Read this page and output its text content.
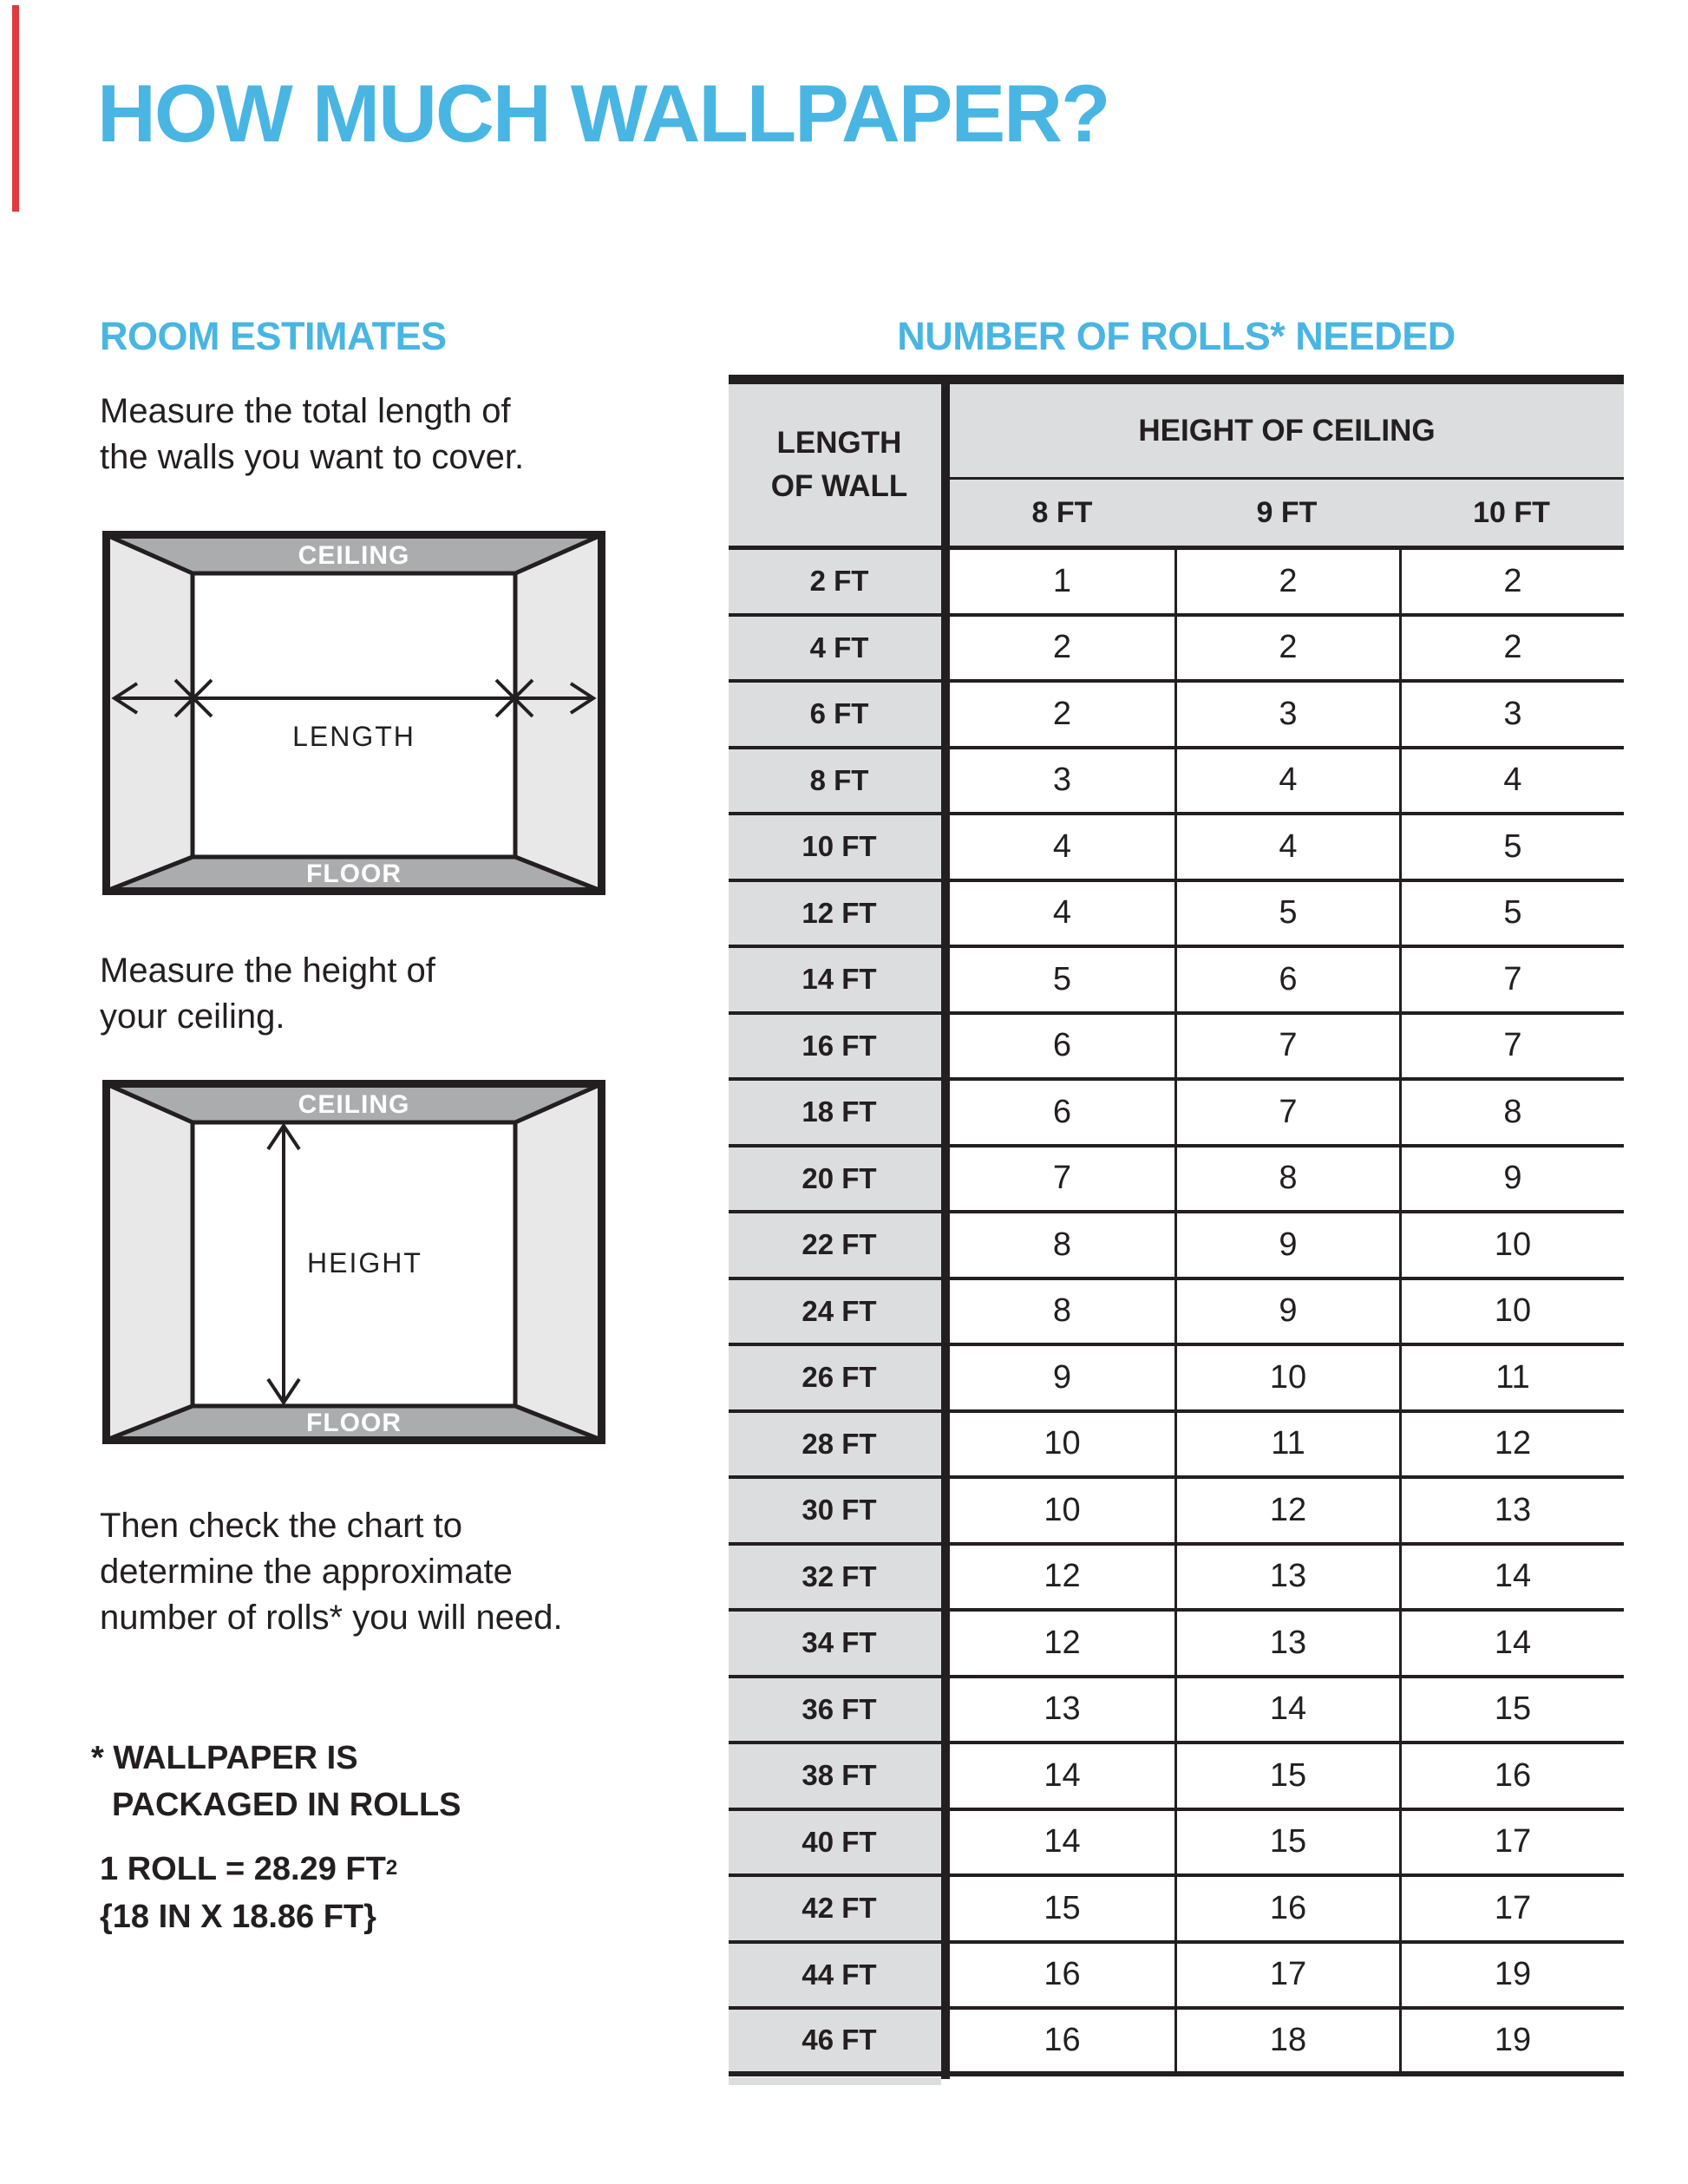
HOW MUCH WALLPAPER?
ROOM ESTIMATES
Measure the total length of
the walls you want to cover.
CEILING
FLOOR
LENGTH
Measure the height of
your ceiling.
CEILING
FLOOR
HEIGHT
Then check the chart to
determine the approximate
number of rolls* you will need.
* WALLPAPER IS
PACKAGED IN ROLLS
1 ROLL = 28.29 $FT^2$
{18 IN X 18.86 FT}
NUMBER OF ROLLS* NEEDED
LENGTH
OF WALL
HEIGHT OF CEILING
8 FT	9 FT	10 FT
2 FT	1	2	2
4 FT	2	2	2
6 FT	2	3	3
8 FT	3	4	4
10 FT	4	4	5
12 FT	4	5	5
14 FT	5	6	7
16 FT	6	7	7
18 FT	6	7	8
20 FT	7	8	9
22 FT	8	9	10
24 FT	8	9	10
26 FT	9	10	11
28 FT	10	11	12
30 FT	10	12	13
32 FT	12	13	14
34 FT	12	13	14
36 FT	13	14	15
38 FT	14	15	16
40 FT	14	15	17
42 FT	15	16	17
44 FT	16	17	19
46 FT	16	18	19
